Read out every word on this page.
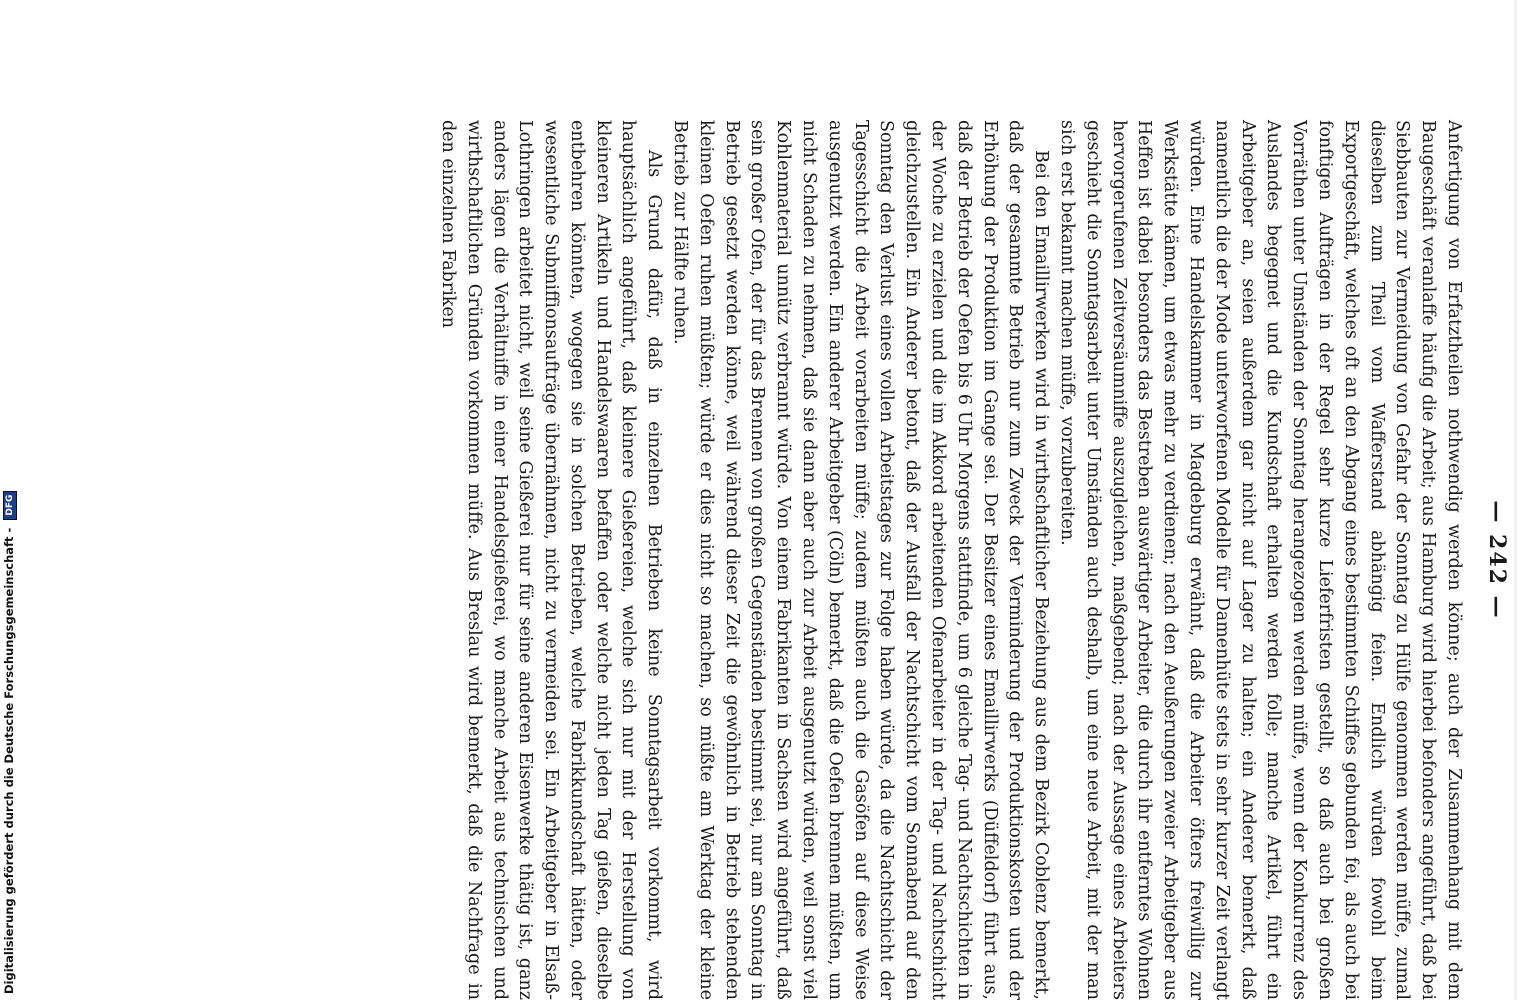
— 242 —

Anfertigung von Erfatztheilen nothwendig werden könne; auch der Zusammenhang mit dem Baugeschäft veranlaffe häufig die Arbeit; aus Hamburg wird hierbei befonders angeführt, daß bei Siebbauten zur Vermeidung von Gefahr der Sonntag zu Hülfe genommen werden müffe, zumal dieselben zum Theil vom Wafferstand abhängig feien. Endlich würden fowohl beim Exportgeschäft, welches oft an den Abgang eines bestimmten Schiffes gebunden fei, als auch bei fonftigen Aufträgen in der Regel sehr kurze Lieferfristen gestellt, so daß auch bei großen Vorräthen unter Umständen der Sonntag herangezogen werden müffe, wenn der Konkurrenz des Auslandes begegnet und die Kundschaft erhalten werden folle; manche Artikel, führt ein Arbeitgeber an, seien außerdem gar nicht auf Lager zu halten; ein Anderer bemerkt, daß namentlich die der Mode unterworfenen Modelle für Damenhüte stets in sehr kurzer Zeit verlangt würden. Eine Handelskammer in Magdeburg erwähnt, daß die Arbeiter öfters freiwillig zur Werkstätte kämen, um etwas mehr zu verdienen; nach den Aeußerungen zweier Arbeitgeber aus Heffen ist dabei besonders das Bestreben auswärtiger Arbeiter, die durch ihr entferntes Wohnen hervorgerufenen Zeitversäumniffe auszugleichen, maßgebend; nach der Aussage eines Arbeiters geschieht die Sonntagsarbeit unter Umständen auch deshalb, um eine neue Arbeit, mit der man sich erst bekannt machen müffe, vorzubereiten.

Bei den Emaillirwerken wird in wirthschaftlicher Beziehung aus dem Bezirk Coblenz bemerkt, daß der gesammte Betrieb nur zum Zweck der Verminderung der Produktionskosten und der Erhöhung der Produktion im Gange sei. Der Besitzer eines Emaillirwerks (Düffeldorf) führt aus, daß der Betrieb der Oefen bis 6 Uhr Morgens stattfinde, um 6 gleiche Tag- und Nachtschichten in der Woche zu erzielen und die im Akkord arbeitenden Ofenarbeiter in der Tag- und Nachtschicht gleichzustellen. Ein Anderer betont, daß der Ausfall der Nachtschicht vom Sonnabend auf den Sonntag den Verlust eines vollen Arbeitstages zur Folge haben würde, da die Nachtschicht der Tagesschicht die Arbeit vorarbeiten müffe; zudem müßten auch die Gasöfen auf diese Weise ausgenutzt werden. Ein anderer Arbeitgeber (Cöln) bemerkt, daß die Oefen brennen müßten, um nicht Schaden zu nehmen, daß sie dann aber auch zur Arbeit ausgenutzt würden, weil sonst viel Kohlenmaterial unnütz verbrannt würde. Von einem Fabrikanten in Sachsen wird angeführt, daß sein großer Ofen, der für das Brennen von großen Gegenständen bestimmt sei, nur am Sonntag in Betrieb gesetzt werden könne, weil während dieser Zeit die gewöhnlich in Betrieb stehenden kleinen Oefen ruhen müßten; würde er dies nicht so machen, so müßte am Werktag der kleine Betrieb zur Hälfte ruhen.

Als Grund dafür, daß in einzelnen Betrieben keine Sonntagsarbeit vorkommt, wird hauptsächlich angeführt, daß kleinere Gießereien, welche sich nur mit der Herstellung von kleineren Artikeln und Handelswaaren befaffen oder welche nicht jeden Tag gießen, dieselbe entbehren könnten, wogegen sie in solchen Betrieben, welche Fabrikkundschaft hätten, oder wesentliche Submiffionsaufträge übernähmen, nicht zu vermeiden sei. Ein Arbeitgeber in Elsaß-Lothringen arbeitet nicht, weil seine Gießerei nur für seine anderen Eisenwerke thätig ist, ganz anders lägen die Verhältniffe in einer Handelsgießerei, wo manche Arbeit aus technischen und wirthschaftlichen Gründen vorkommen müffe. Aus Breslau wird bemerkt, daß die Nachfrage in den einzelnen Fabriken

Digitalisierung gefördert durch die Deutsche Forschungsgemeinschaft - DFG
